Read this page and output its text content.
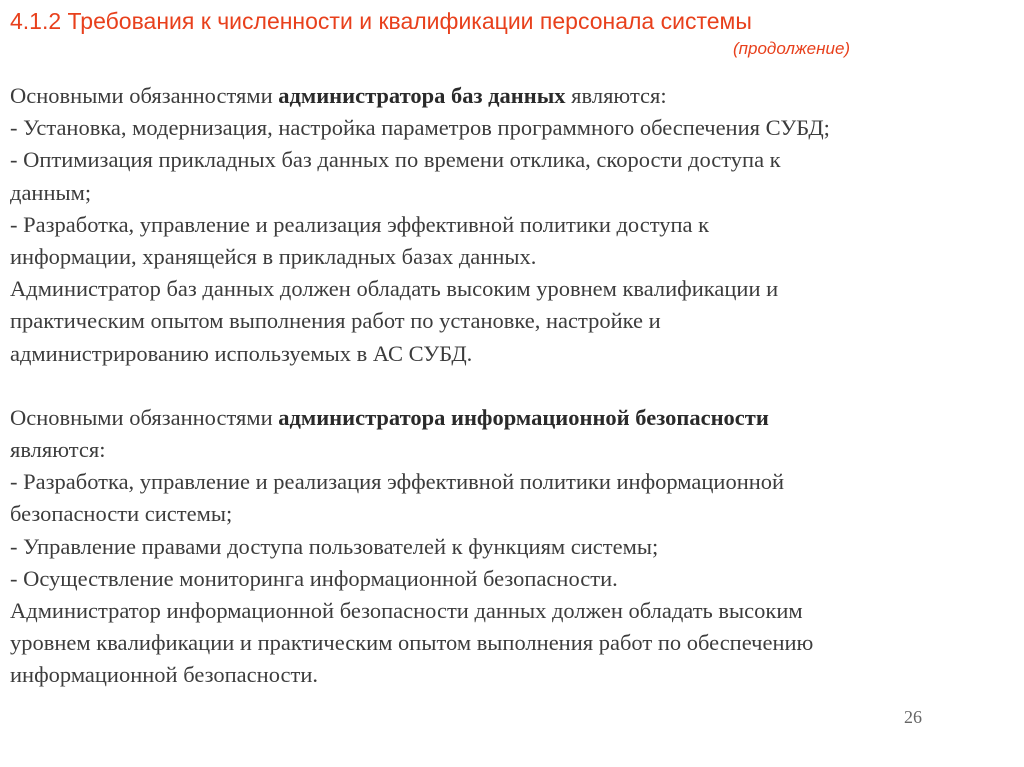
4.1.2 Требования к численности и квалификации персонала системы
(продолжение)
Основными обязанностями администратора баз данных являются:
- Установка, модернизация, настройка параметров программного обеспечения СУБД;
- Оптимизация прикладных баз данных по времени отклика, скорости доступа к
данным;
- Разработка, управление и реализация эффективной политики доступа к
информации, хранящейся в прикладных базах данных.
Администратор баз данных должен обладать высоким уровнем квалификации и
практическим опытом выполнения работ по установке, настройке и
администрированию используемых в АС СУБД.
Основными обязанностями администратора информационной безопасности
являются:
- Разработка, управление и реализация эффективной политики информационной
безопасности системы;
- Управление правами доступа пользователей к функциям системы;
- Осуществление мониторинга информационной безопасности.
Администратор информационной безопасности данных должен обладать высоким
уровнем квалификации и практическим опытом выполнения работ по обеспечению
информационной безопасности.
26
